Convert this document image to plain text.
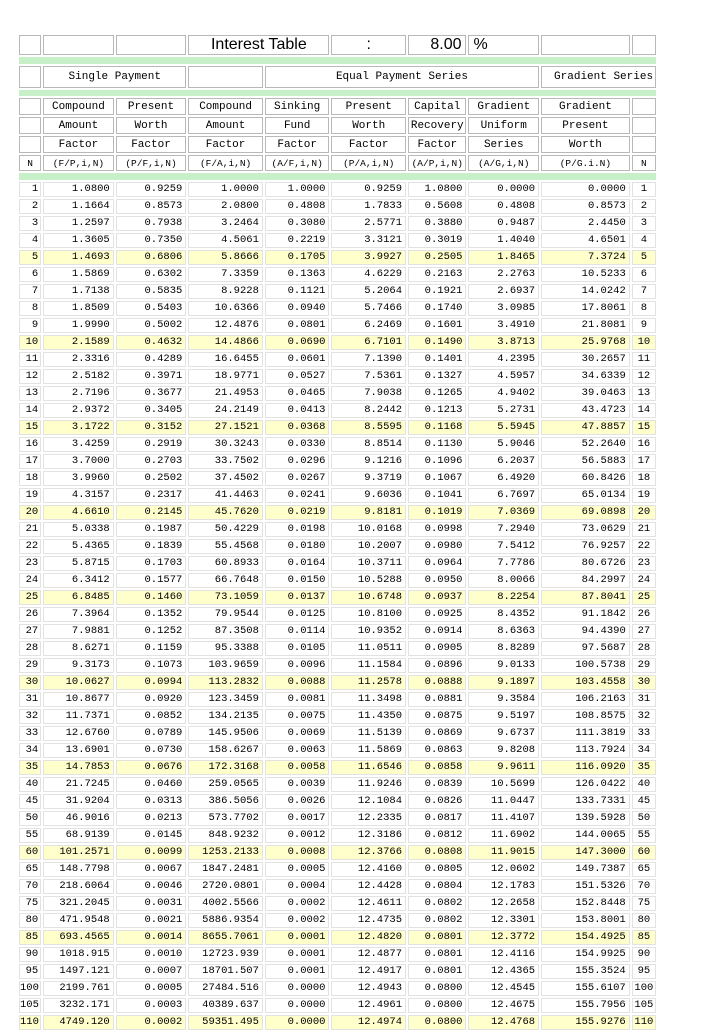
			Interest Table		:	8.00	%		

	Single Payment			Equal Payment Series				Gradient Series	

	Compound	Present	Compound	Sinking	Present	Capital	Gradient	Gradient	
	Amount	Worth	Amount	Fund	Worth	Recovery	Uniform	Present	
	Factor	Factor	Factor	Factor	Factor	Factor	Series	Worth	
N	(F/P,i,N)	(P/F,i,N)	(F/A,i,N)	(A/F,i,N)	(P/A,i,N)	(A/P,i,N)	(A/G,i,N)	(P/G.i.N)	N

1	1.0800	0.9259	1.0000	1.0000	0.9259	1.0800	0.0000	0.0000	1
2	1.1664	0.8573	2.0800	0.4808	1.7833	0.5608	0.4808	0.8573	2
3	1.2597	0.7938	3.2464	0.3080	2.5771	0.3880	0.9487	2.4450	3
4	1.3605	0.7350	4.5061	0.2219	3.3121	0.3019	1.4040	4.6501	4
5	1.4693	0.6806	5.8666	0.1705	3.9927	0.2505	1.8465	7.3724	5
6	1.5869	0.6302	7.3359	0.1363	4.6229	0.2163	2.2763	10.5233	6
7	1.7138	0.5835	8.9228	0.1121	5.2064	0.1921	2.6937	14.0242	7
8	1.8509	0.5403	10.6366	0.0940	5.7466	0.1740	3.0985	17.8061	8
9	1.9990	0.5002	12.4876	0.0801	6.2469	0.1601	3.4910	21.8081	9
10	2.1589	0.4632	14.4866	0.0690	6.7101	0.1490	3.8713	25.9768	10
11	2.3316	0.4289	16.6455	0.0601	7.1390	0.1401	4.2395	30.2657	11
12	2.5182	0.3971	18.9771	0.0527	7.5361	0.1327	4.5957	34.6339	12
13	2.7196	0.3677	21.4953	0.0465	7.9038	0.1265	4.9402	39.0463	13
14	2.9372	0.3405	24.2149	0.0413	8.2442	0.1213	5.2731	43.4723	14
15	3.1722	0.3152	27.1521	0.0368	8.5595	0.1168	5.5945	47.8857	15
16	3.4259	0.2919	30.3243	0.0330	8.8514	0.1130	5.9046	52.2640	16
17	3.7000	0.2703	33.7502	0.0296	9.1216	0.1096	6.2037	56.5883	17
18	3.9960	0.2502	37.4502	0.0267	9.3719	0.1067	6.4920	60.8426	18
19	4.3157	0.2317	41.4463	0.0241	9.6036	0.1041	6.7697	65.0134	19
20	4.6610	0.2145	45.7620	0.0219	9.8181	0.1019	7.0369	69.0898	20
21	5.0338	0.1987	50.4229	0.0198	10.0168	0.0998	7.2940	73.0629	21
22	5.4365	0.1839	55.4568	0.0180	10.2007	0.0980	7.5412	76.9257	22
23	5.8715	0.1703	60.8933	0.0164	10.3711	0.0964	7.7786	80.6726	23
24	6.3412	0.1577	66.7648	0.0150	10.5288	0.0950	8.0066	84.2997	24
25	6.8485	0.1460	73.1059	0.0137	10.6748	0.0937	8.2254	87.8041	25
26	7.3964	0.1352	79.9544	0.0125	10.8100	0.0925	8.4352	91.1842	26
27	7.9881	0.1252	87.3508	0.0114	10.9352	0.0914	8.6363	94.4390	27
28	8.6271	0.1159	95.3388	0.0105	11.0511	0.0905	8.8289	97.5687	28
29	9.3173	0.1073	103.9659	0.0096	11.1584	0.0896	9.0133	100.5738	29
30	10.0627	0.0994	113.2832	0.0088	11.2578	0.0888	9.1897	103.4558	30
31	10.8677	0.0920	123.3459	0.0081	11.3498	0.0881	9.3584	106.2163	31
32	11.7371	0.0852	134.2135	0.0075	11.4350	0.0875	9.5197	108.8575	32
33	12.6760	0.0789	145.9506	0.0069	11.5139	0.0869	9.6737	111.3819	33
34	13.6901	0.0730	158.6267	0.0063	11.5869	0.0863	9.8208	113.7924	34
35	14.7853	0.0676	172.3168	0.0058	11.6546	0.0858	9.9611	116.0920	35
40	21.7245	0.0460	259.0565	0.0039	11.9246	0.0839	10.5699	126.0422	40
45	31.9204	0.0313	386.5056	0.0026	12.1084	0.0826	11.0447	133.7331	45
50	46.9016	0.0213	573.7702	0.0017	12.2335	0.0817	11.4107	139.5928	50
55	68.9139	0.0145	848.9232	0.0012	12.3186	0.0812	11.6902	144.0065	55
60	101.2571	0.0099	1253.2133	0.0008	12.3766	0.0808	11.9015	147.3000	60
65	148.7798	0.0067	1847.2481	0.0005	12.4160	0.0805	12.0602	149.7387	65
70	218.6064	0.0046	2720.0801	0.0004	12.4428	0.0804	12.1783	151.5326	70
75	321.2045	0.0031	4002.5566	0.0002	12.4611	0.0802	12.2658	152.8448	75
80	471.9548	0.0021	5886.9354	0.0002	12.4735	0.0802	12.3301	153.8001	80
85	693.4565	0.0014	8655.7061	0.0001	12.4820	0.0801	12.3772	154.4925	85
90	1018.915	0.0010	12723.939	0.0001	12.4877	0.0801	12.4116	154.9925	90
95	1497.121	0.0007	18701.507	0.0001	12.4917	0.0801	12.4365	155.3524	95
100	2199.761	0.0005	27484.516	0.0000	12.4943	0.0800	12.4545	155.6107	100
105	3232.171	0.0003	40389.637	0.0000	12.4961	0.0800	12.4675	155.7956	105
110	4749.120	0.0002	59351.495	0.0000	12.4974	0.0800	12.4768	155.9276	110
